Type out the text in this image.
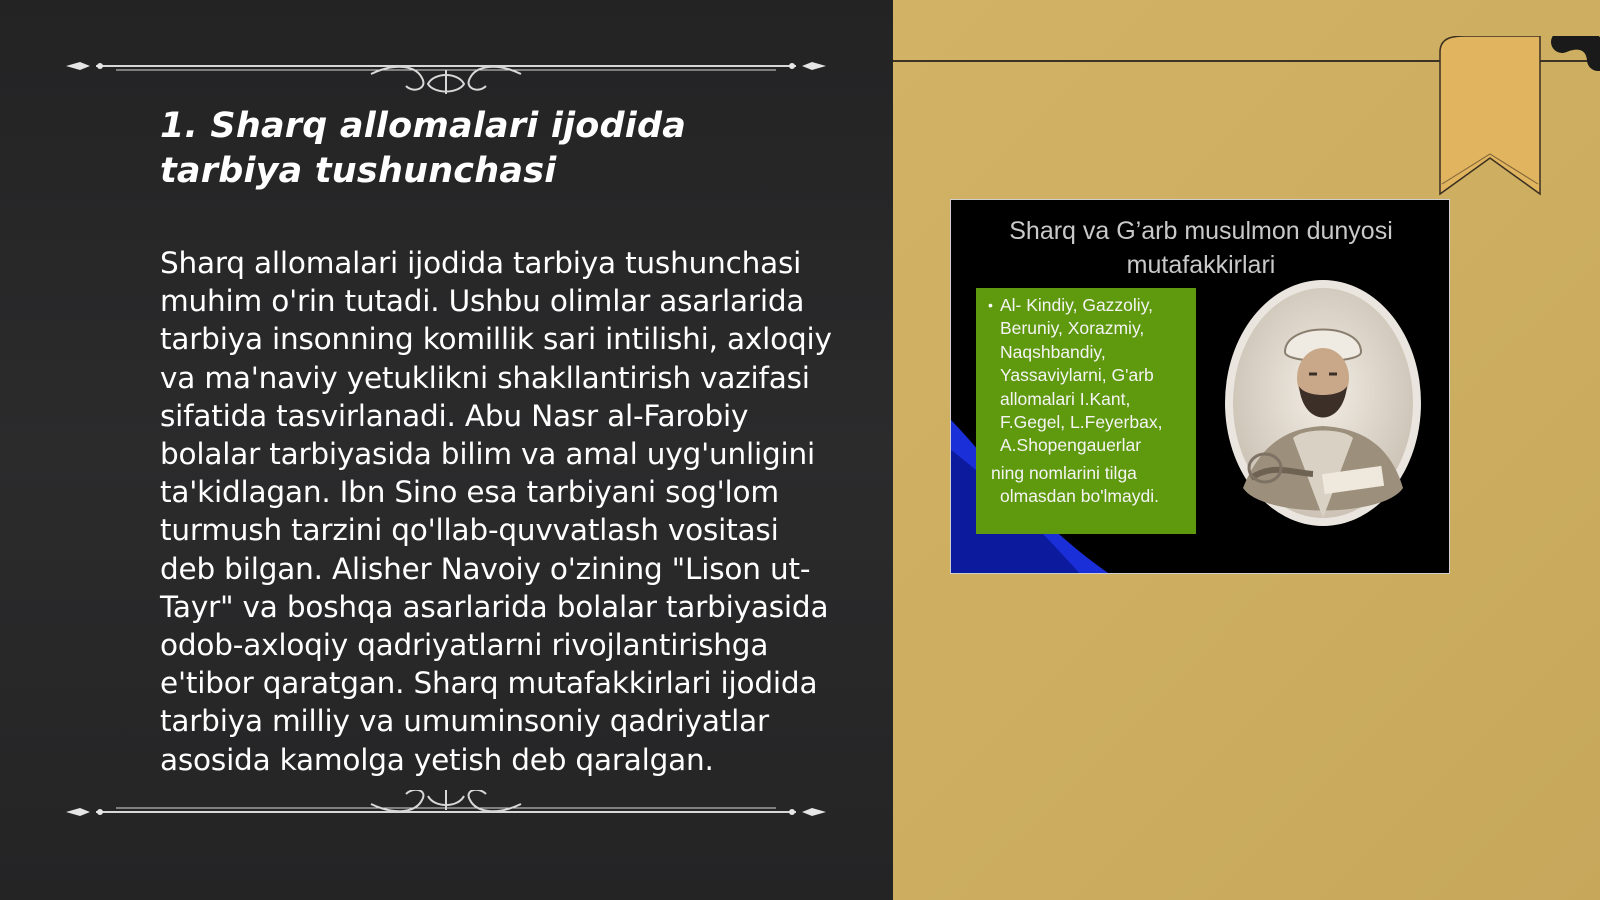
1. Sharq allomalari ijodida tarbiya tushunchasi

Sharq allomalari ijodida tarbiya tushunchasi muhim o'rin tutadi. Ushbu olimlar asarlarida tarbiya insonning komillik sari intilishi, axloqiy va ma'naviy yetuklikni shakllantirish vazifasi sifatida tasvirlanadi. Abu Nasr al-Farobiy bolalar tarbiyasida bilim va amal uyg'unligini ta'kidlagan. Ibn Sino esa tarbiyani sog'lom turmush tarzini qo'llab-quvvatlash vositasi deb bilgan. Alisher Navoiy o'zining "Lison ut-Tayr" va boshqa asarlarida bolalar tarbiyasida odob-axloqiy qadriyatlarni rivojlantirishga e'tibor qaratgan. Sharq mutafakkirlari ijodida tarbiya milliy va umuminsoniy qadriyatlar asosida kamolga yetish deb qaralgan.

Sharq va G’arb musulmon dunyosi mutafakkirlari

• Al- Kindiy, Gazzoliy, Beruniy, Xorazmiy, Naqshbandiy, Yassaviylarni, G'arb allomalari I.Kant, F.Gegel, L.Feyerbax, A.Shopengauerlar

ning nomlarini tilga olmasdan bo'lmaydi.
